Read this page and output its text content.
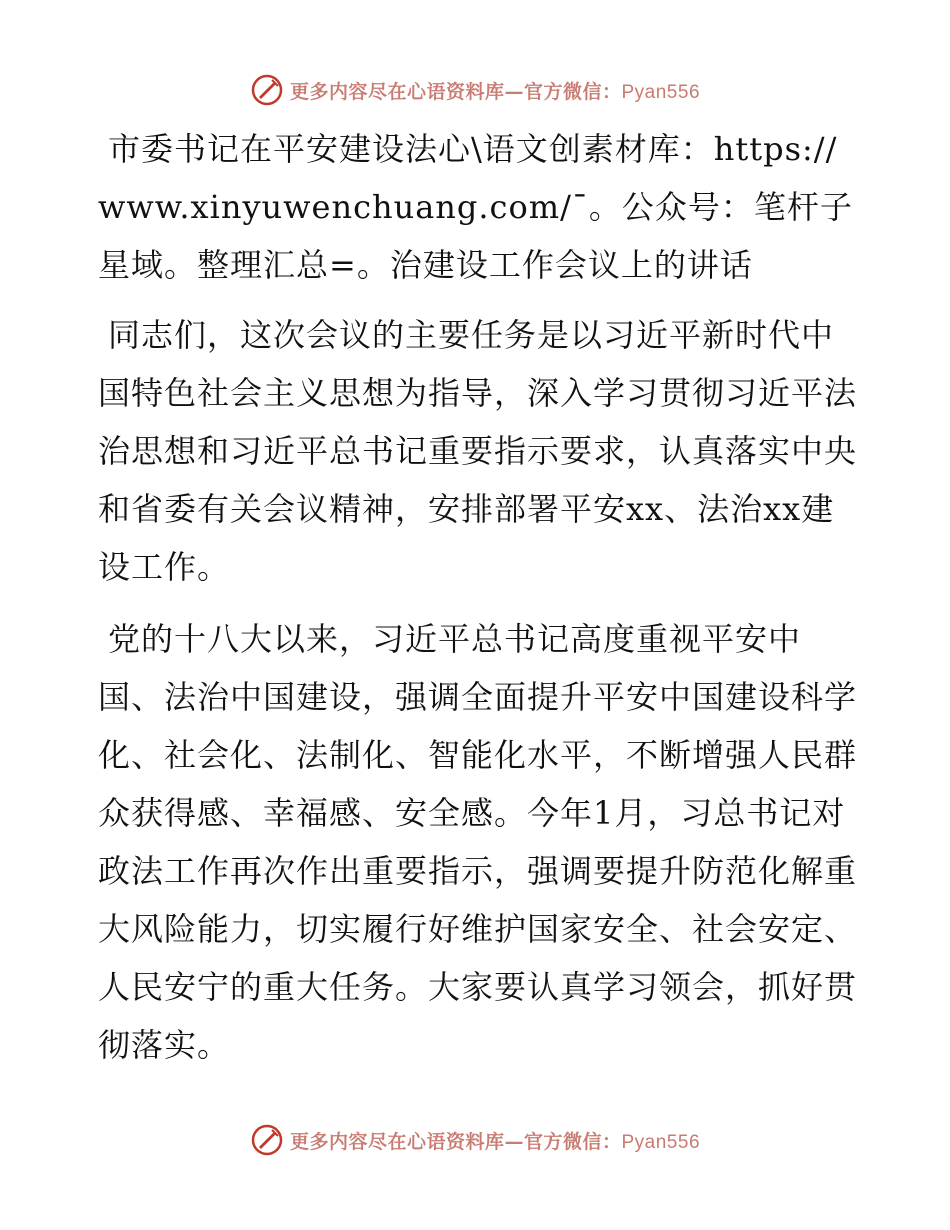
更多内容尽在心语资料库—官方微信：Pyan556

市委书记在平安建设法心\语文创素材库：https://www.xinyuwenchuang.com/¯。公众号：笔杆子星域。整理汇总=。治建设工作会议上的讲话

同志们，这次会议的主要任务是以习近平新时代中国特色社会主义思想为指导，深入学习贯彻习近平法治思想和习近平总书记重要指示要求，认真落实中央和省委有关会议精神，安排部署平安xx、法治xx建设工作。

党的十八大以来，习近平总书记高度重视平安中国、法治中国建设，强调全面提升平安中国建设科学化、社会化、法制化、智能化水平，不断增强人民群众获得感、幸福感、安全感。今年1月，习总书记对政法工作再次作出重要指示，强调要提升防范化解重大风险能力，切实履行好维护国家安全、社会安定、人民安宁的重大任务。大家要认真学习领会，抓好贯彻落实。

更多内容尽在心语资料库—官方微信：Pyan556
